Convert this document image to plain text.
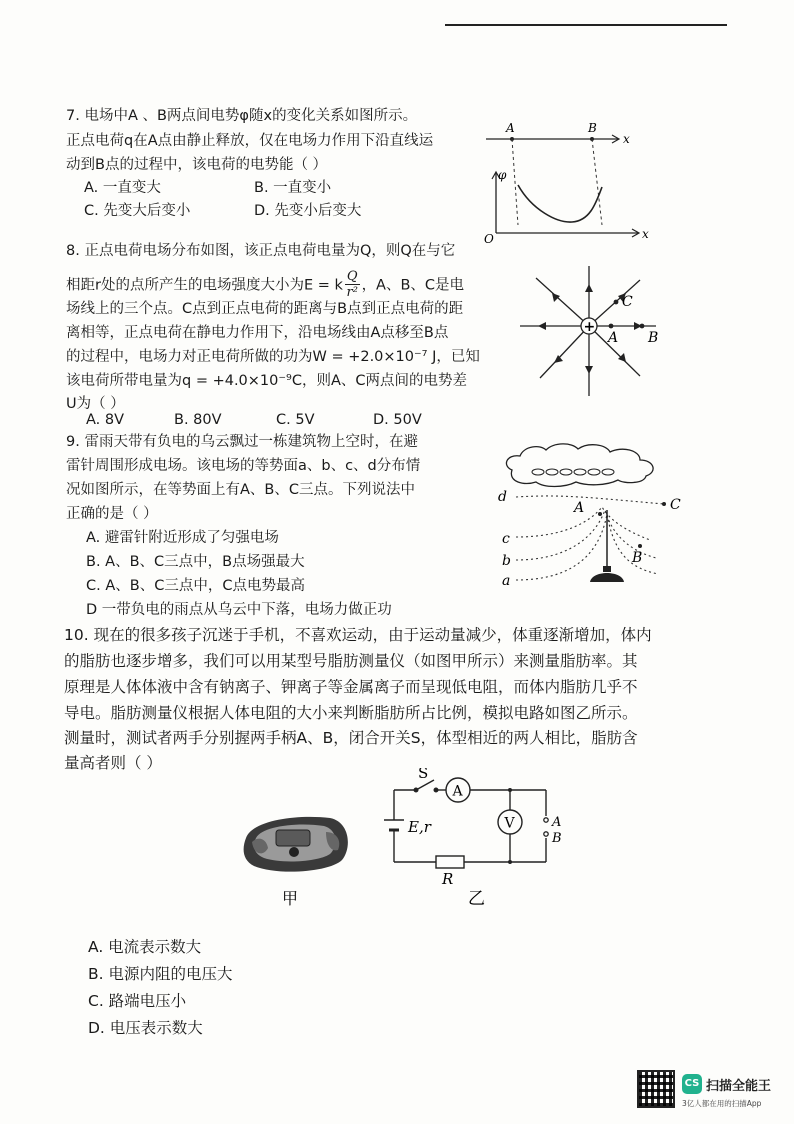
7. 电场中A 、B两点间电势φ随x的变化关系如图所示。
正点电荷q在A点由静止释放，仅在电场力作用下沿直线运
动到B点的过程中，该电荷的电势能（ ）
A. 一直变大	B. 一直变小
C. 先变大后变小	D. 先变小后变大
A	B
x
φ
x
O
8. 正点电荷电场分布如图，该正点电荷电量为Q，则Q在与它
相距r处的点所产生的电场强度大小为E = k $\frac{Q}{\text{r²}}$ ，A、B、C是电
场线上的三个点。C点到正点电荷的距离与B点到正点电荷的距
离相等，正点电荷在静电力作用下，沿电场线由A点移至B点
的过程中，电场力对正电荷所做的功为W = +2.0×10⁻⁷ J，已知
该电荷所带电量为q = +4.0×10⁻⁹C，则A、C两点间的电势差
U为（ ）
A. 8V	B. 80V	C. 5V	D. 50V
+
A B
C
9. 雷雨天带有负电的乌云飘过一栋建筑物上空时，在避
雷针周围形成电场。该电场的等势面a、b、c、d分布情
况如图所示，在等势面上有A、B、C三点。下列说法中
正确的是（ ）
A. 避雷针附近形成了匀强电场
B. A、B、C三点中，B点场强最大
C. A、B、C三点中，C点电势最高
D 一带负电的雨点从乌云中下落，电场力做正功
d
c
b
a
A
B
C
10. 现在的很多孩子沉迷于手机，不喜欢运动，由于运动量减少，体重逐渐增加，体内
的脂肪也逐步增多，我们可以用某型号脂肪测量仪（如图甲所示）来测量脂肪率。其
原理是人体体液中含有钠离子、钾离子等金属离子而呈现低电阻，而体内脂肪几乎不
导电。脂肪测量仪根据人体电阻的大小来判断脂肪所占比例，模拟电路如图乙所示。
测量时，测试者两手分别握两手柄A、B，闭合开关S，体型相近的两人相比，脂肪含
量高者则（ ）
甲
S
A
V
E,r
R
A
B
乙
A. 电流表示数大
B. 电源内阻的电压大
C. 路端电压小
D. 电压表示数大
CS 扫描全能王
3亿人都在用的扫描App
